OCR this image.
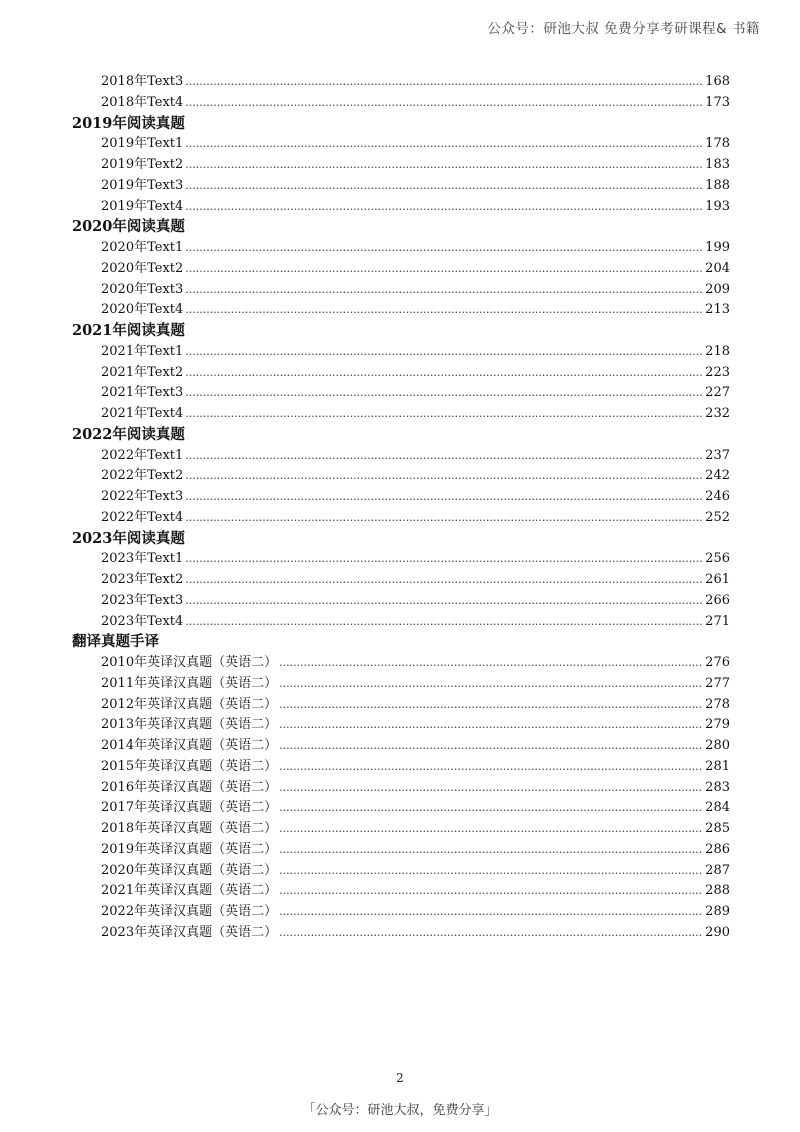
公众号：研池大叔 免费分享考研课程& 书籍
2018年Text3 .....	168
2018年Text4 .....	173
2019年阅读真题
2019年Text1 .....	178
2019年Text2 .....	183
2019年Text3 .....	188
2019年Text4 .....	193
2020年阅读真题
2020年Text1 .....	199
2020年Text2 .....	204
2020年Text3 .....	209
2020年Text4 .....	213
2021年阅读真题
2021年Text1 .....	218
2021年Text2 .....	223
2021年Text3 .....	227
2021年Text4 .....	232
2022年阅读真题
2022年Text1 .....	237
2022年Text2 .....	242
2022年Text3 .....	246
2022年Text4 .....	252
2023年阅读真题
2023年Text1 .....	256
2023年Text2 .....	261
2023年Text3 .....	266
2023年Text4 .....	271
翻译真题手译
2010年英译汉真题（英语二） .....	276
2011年英译汉真题（英语二） .....	277
2012年英译汉真题（英语二） .....	278
2013年英译汉真题（英语二） .....	279
2014年英译汉真题（英语二） .....	280
2015年英译汉真题（英语二） .....	281
2016年英译汉真题（英语二） .....	283
2017年英译汉真题（英语二） .....	284
2018年英译汉真题（英语二） .....	285
2019年英译汉真题（英语二） .....	286
2020年英译汉真题（英语二） .....	287
2021年英译汉真题（英语二） .....	288
2022年英译汉真题（英语二） .....	289
2023年英译汉真题（英语二） .....	290
2
「公众号：研池大叔，免费分享」
